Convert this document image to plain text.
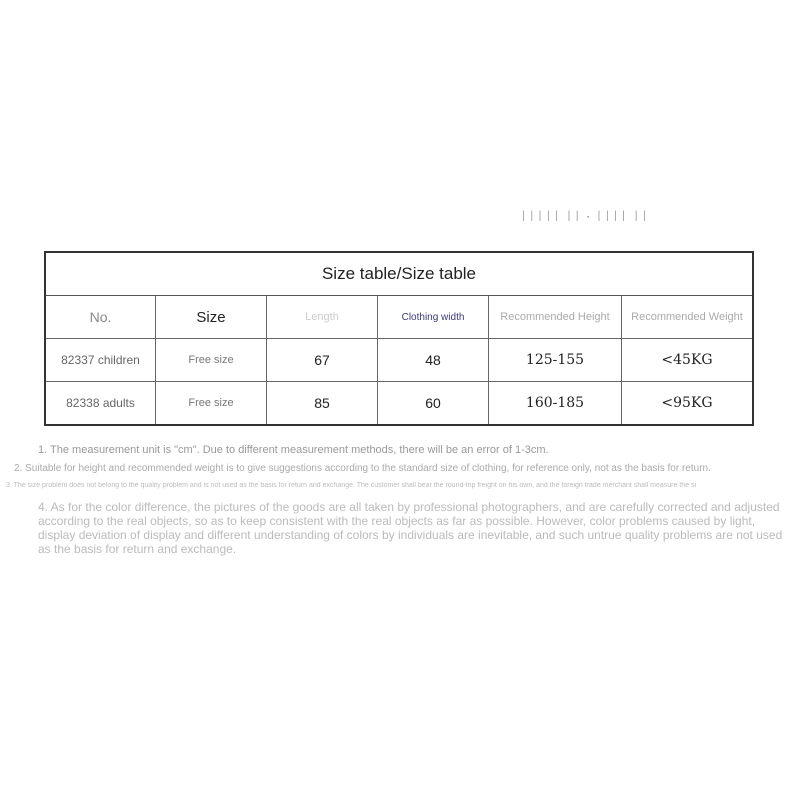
ᛁᛁᛁᛁᛁ ᛁᛁ · ᛁᛁᛁᛁ ᛁᛁ
Size table/Size table
No.	Size	Length	Clothing width	Recommended Height	Recommended Weight
82337 children	Free size	67	48	125-155	<45KG
82338 adults	Free size	85	60	160-185	<95KG
1. The measurement unit is "cm". Due to different measurement methods, there will be an error of 1-3cm.
2. Suitable for height and recommended weight is to give suggestions according to the standard size of clothing, for reference only, not as the basis for return.
3. The size problem does not belong to the quality problem and is not used as the basis for return and exchange. The customer shall bear the round-trip freight on his own, and the foreign trade merchant shall measure the si
4. As for the color difference, the pictures of the goods are all taken by professional photographers, and are carefully corrected and adjusted according to the real objects, so as to keep consistent with the real objects as far as possible. However, color problems caused by light, display deviation of display and different understanding of colors by individuals are inevitable, and such untrue quality problems are not used as the basis for return and exchange.
